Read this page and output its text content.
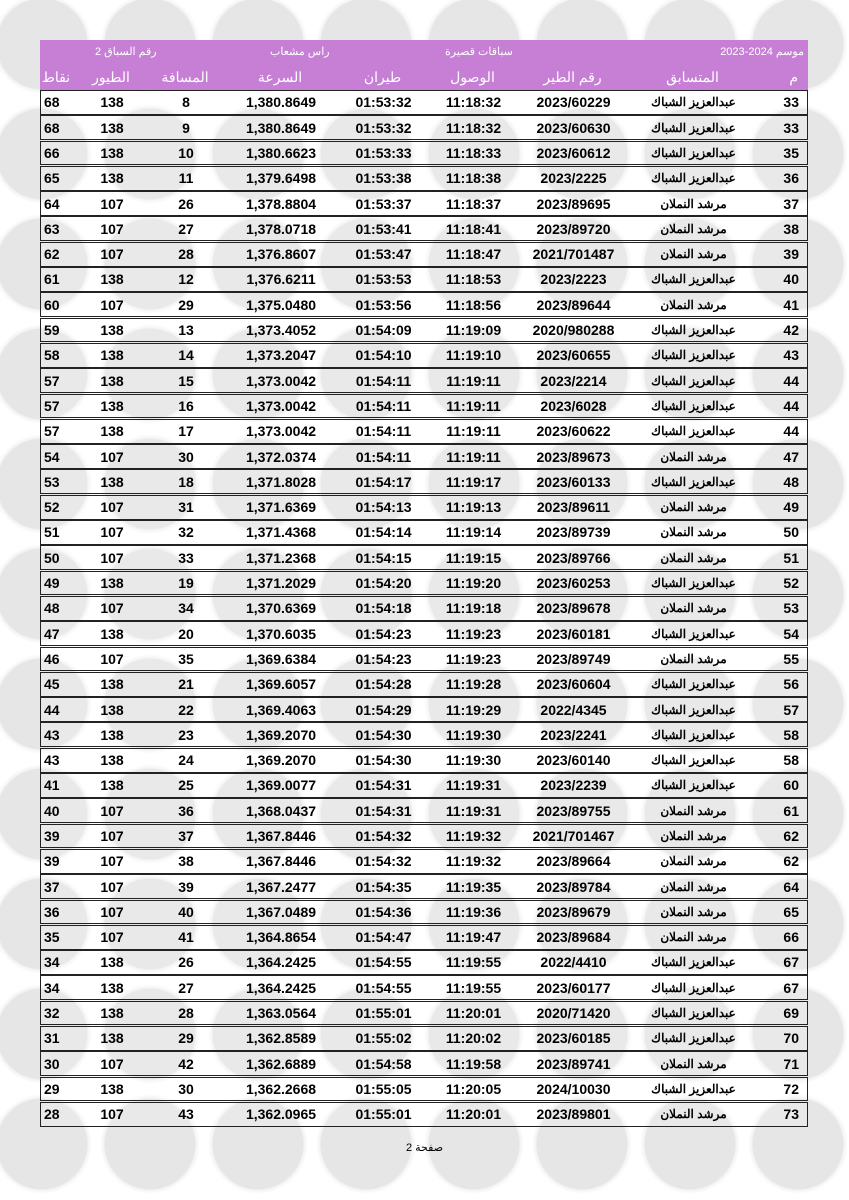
موسم 2024-2023
سباقات قصيرة
راس مشعاب
رقم السباق 2
نقاط	الطيور	المسافة	السرعة	طيران	الوصول	رقم الطير	المتسابق	م
68	138	8	1,380.8649	01:53:32	11:18:32	2023/60229	عبدالعزيز الشباك	33
68	138	9	1,380.8649	01:53:32	11:18:32	2023/60630	عبدالعزيز الشباك	33
66	138	10	1,380.6623	01:53:33	11:18:33	2023/60612	عبدالعزيز الشباك	35
65	138	11	1,379.6498	01:53:38	11:18:38	2023/2225	عبدالعزيز الشباك	36
64	107	26	1,378.8804	01:53:37	11:18:37	2023/89695	مرشد النملان	37
63	107	27	1,378.0718	01:53:41	11:18:41	2023/89720	مرشد النملان	38
62	107	28	1,376.8607	01:53:47	11:18:47	2021/701487	مرشد النملان	39
61	138	12	1,376.6211	01:53:53	11:18:53	2023/2223	عبدالعزيز الشباك	40
60	107	29	1,375.0480	01:53:56	11:18:56	2023/89644	مرشد النملان	41
59	138	13	1,373.4052	01:54:09	11:19:09	2020/980288	عبدالعزيز الشباك	42
58	138	14	1,373.2047	01:54:10	11:19:10	2023/60655	عبدالعزيز الشباك	43
57	138	15	1,373.0042	01:54:11	11:19:11	2023/2214	عبدالعزيز الشباك	44
57	138	16	1,373.0042	01:54:11	11:19:11	2023/6028	عبدالعزيز الشباك	44
57	138	17	1,373.0042	01:54:11	11:19:11	2023/60622	عبدالعزيز الشباك	44
54	107	30	1,372.0374	01:54:11	11:19:11	2023/89673	مرشد النملان	47
53	138	18	1,371.8028	01:54:17	11:19:17	2023/60133	عبدالعزيز الشباك	48
52	107	31	1,371.6369	01:54:13	11:19:13	2023/89611	مرشد النملان	49
51	107	32	1,371.4368	01:54:14	11:19:14	2023/89739	مرشد النملان	50
50	107	33	1,371.2368	01:54:15	11:19:15	2023/89766	مرشد النملان	51
49	138	19	1,371.2029	01:54:20	11:19:20	2023/60253	عبدالعزيز الشباك	52
48	107	34	1,370.6369	01:54:18	11:19:18	2023/89678	مرشد النملان	53
47	138	20	1,370.6035	01:54:23	11:19:23	2023/60181	عبدالعزيز الشباك	54
46	107	35	1,369.6384	01:54:23	11:19:23	2023/89749	مرشد النملان	55
45	138	21	1,369.6057	01:54:28	11:19:28	2023/60604	عبدالعزيز الشباك	56
44	138	22	1,369.4063	01:54:29	11:19:29	2022/4345	عبدالعزيز الشباك	57
43	138	23	1,369.2070	01:54:30	11:19:30	2023/2241	عبدالعزيز الشباك	58
43	138	24	1,369.2070	01:54:30	11:19:30	2023/60140	عبدالعزيز الشباك	58
41	138	25	1,369.0077	01:54:31	11:19:31	2023/2239	عبدالعزيز الشباك	60
40	107	36	1,368.0437	01:54:31	11:19:31	2023/89755	مرشد النملان	61
39	107	37	1,367.8446	01:54:32	11:19:32	2021/701467	مرشد النملان	62
39	107	38	1,367.8446	01:54:32	11:19:32	2023/89664	مرشد النملان	62
37	107	39	1,367.2477	01:54:35	11:19:35	2023/89784	مرشد النملان	64
36	107	40	1,367.0489	01:54:36	11:19:36	2023/89679	مرشد النملان	65
35	107	41	1,364.8654	01:54:47	11:19:47	2023/89684	مرشد النملان	66
34	138	26	1,364.2425	01:54:55	11:19:55	2022/4410	عبدالعزيز الشباك	67
34	138	27	1,364.2425	01:54:55	11:19:55	2023/60177	عبدالعزيز الشباك	67
32	138	28	1,363.0564	01:55:01	11:20:01	2020/71420	عبدالعزيز الشباك	69
31	138	29	1,362.8589	01:55:02	11:20:02	2023/60185	عبدالعزيز الشباك	70
30	107	42	1,362.6889	01:54:58	11:19:58	2023/89741	مرشد النملان	71
29	138	30	1,362.2668	01:55:05	11:20:05	2024/10030	عبدالعزيز الشباك	72
28	107	43	1,362.0965	01:55:01	11:20:01	2023/89801	مرشد النملان	73
صفحة 2
